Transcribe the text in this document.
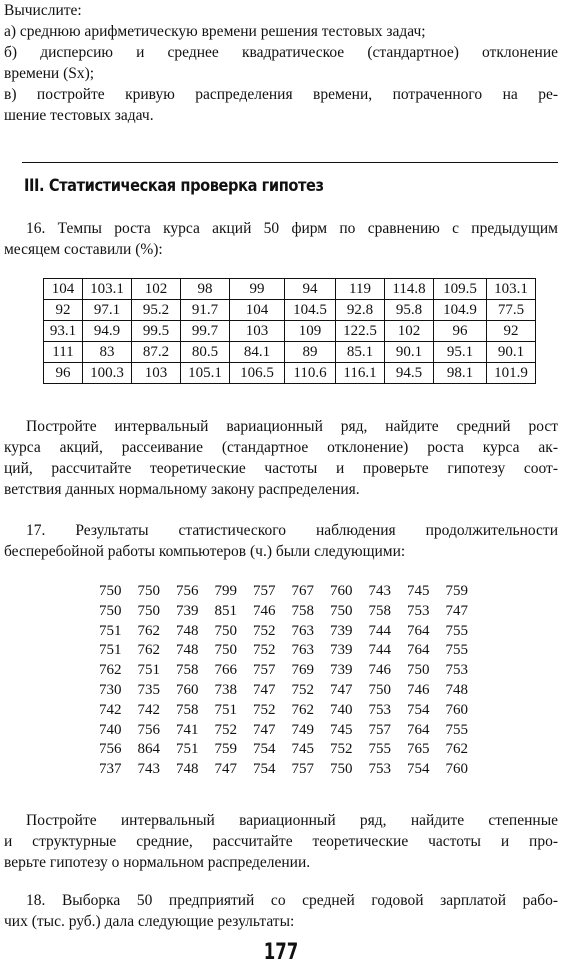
Вычислите:
а) среднюю арифметическую времени решения тестовых задач;
б) дисперсию и среднее квадратическое (стандартное) отклонение
времени (Sx);
в) постройте кривую распределения времени, потраченного на ре-
шение тестовых задач.

III. Статистическая проверка гипотез

16. Темпы роста курса акций 50 фирм по сравнению с предыдущим
месяцем составили (%):

104	103.1	102	98	99	94	119	114.8	109.5	103.1
92	97.1	95.2	91.7	104	104.5	92.8	95.8	104.9	77.5
93.1	94.9	99.5	99.7	103	109	122.5	102	96	92
111	83	87.2	80.5	84.1	89	85.1	90.1	95.1	90.1
96	100.3	103	105.1	106.5	110.6	116.1	94.5	98.1	101.9

Постройте интервальный вариационный ряд, найдите средний рост
курса акций, рассеивание (стандартное отклонение) роста курса ак-
ций, рассчитайте теоретические частоты и проверьте гипотезу соот-
ветствия данных нормальному закону распределения.

17. Результаты статистического наблюдения продолжительности
бесперебойной работы компьютеров (ч.) были следующими:

750	750	756	799	757	767	760	743	745	759
750	750	739	851	746	758	750	758	753	747
751	762	748	750	752	763	739	744	764	755
751	762	748	750	752	763	739	744	764	755
762	751	758	766	757	769	739	746	750	753
730	735	760	738	747	752	747	750	746	748
742	742	758	751	752	762	740	753	754	760
740	756	741	752	747	749	745	757	764	755
756	864	751	759	754	745	752	755	765	762
737	743	748	747	754	757	750	753	754	760

Постройте интервальный вариационный ряд, найдите степенные
и структурные средние, рассчитайте теоретические частоты и про-
верьте гипотезу о нормальном распределении.

18. Выборка 50 предприятий со средней годовой зарплатой рабо-
чих (тыс. руб.) дала следующие результаты:

177
